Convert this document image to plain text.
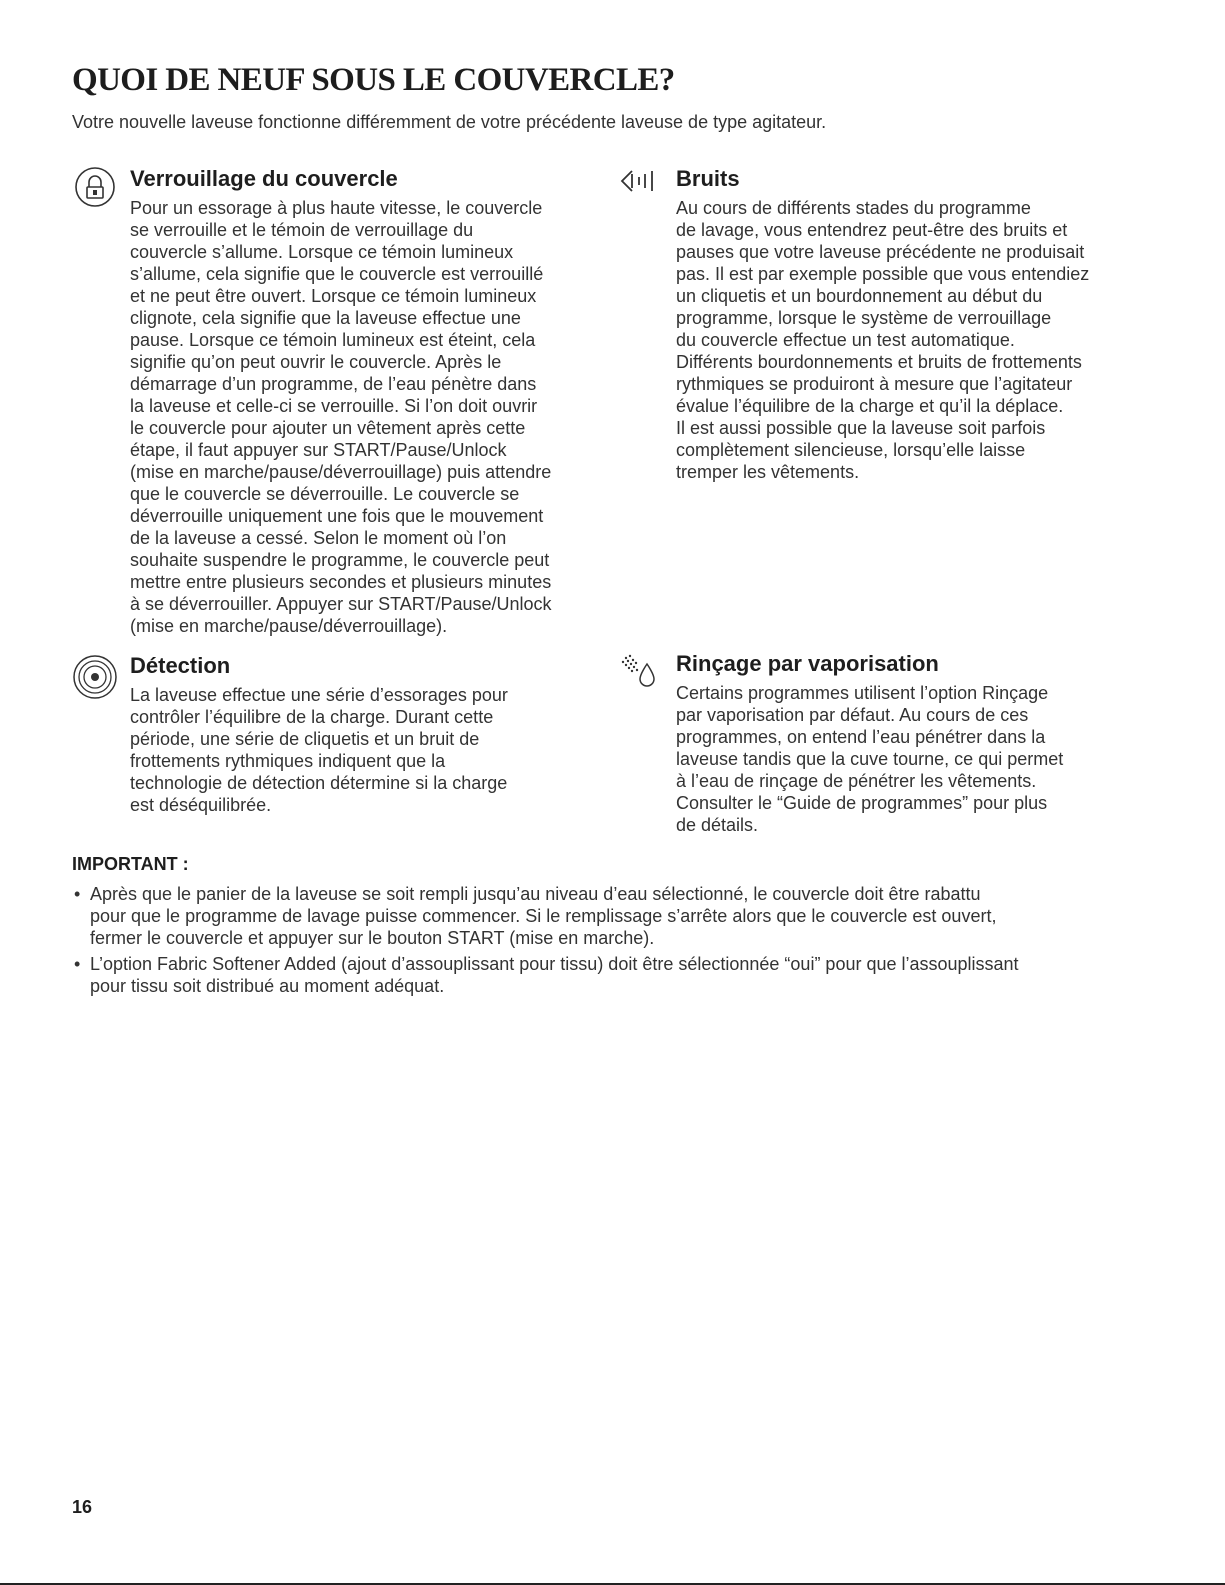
QUOI DE NEUF SOUS LE COUVERCLE?

Votre nouvelle laveuse fonctionne différemment de votre précédente laveuse de type agitateur.

Verrouillage du couvercle
Pour un essorage à plus haute vitesse, le couvercle
se verrouille et le témoin de verrouillage du
couvercle s’allume. Lorsque ce témoin lumineux
s’allume, cela signifie que le couvercle est verrouillé
et ne peut être ouvert. Lorsque ce témoin lumineux
clignote, cela signifie que la laveuse effectue une
pause. Lorsque ce témoin lumineux est éteint, cela
signifie qu’on peut ouvrir le couvercle. Après le
démarrage d’un programme, de l’eau pénètre dans
la laveuse et celle-ci se verrouille. Si l’on doit ouvrir
le couvercle pour ajouter un vêtement après cette
étape, il faut appuyer sur START/Pause/Unlock
(mise en marche/pause/déverrouillage) puis attendre
que le couvercle se déverrouille. Le couvercle se
déverrouille uniquement une fois que le mouvement
de la laveuse a cessé. Selon le moment où l’on
souhaite suspendre le programme, le couvercle peut
mettre entre plusieurs secondes et plusieurs minutes
à se déverrouiller. Appuyer sur START/Pause/Unlock
(mise en marche/pause/déverrouillage).
Bruits
Au cours de différents stades du programme
de lavage, vous entendrez peut-être des bruits et
pauses que votre laveuse précédente ne produisait
pas. Il est par exemple possible que vous entendiez
un cliquetis et un bourdonnement au début du
programme, lorsque le système de verrouillage
du couvercle effectue un test automatique.
Différents bourdonnements et bruits de frottements
rythmiques se produiront à mesure que l’agitateur
évalue l’équilibre de la charge et qu’il la déplace.
Il est aussi possible que la laveuse soit parfois
complètement silencieuse, lorsqu’elle laisse
tremper les vêtements.
Détection
La laveuse effectue une série d’essorages pour
contrôler l’équilibre de la charge. Durant cette
période, une série de cliquetis et un bruit de
frottements rythmiques indiquent que la
technologie de détection détermine si la charge
est déséquilibrée.
Rinçage par vaporisation
Certains programmes utilisent l’option Rinçage
par vaporisation par défaut. Au cours de ces
programmes, on entend l’eau pénétrer dans la
laveuse tandis que la cuve tourne, ce qui permet
à l’eau de rinçage de pénétrer les vêtements.
Consulter le “Guide de programmes” pour plus
de détails.
IMPORTANT :
• Après que le panier de la laveuse se soit rempli jusqu’au niveau d’eau sélectionné, le couvercle doit être rabattu
pour que le programme de lavage puisse commencer. Si le remplissage s’arrête alors que le couvercle est ouvert,
fermer le couvercle et appuyer sur le bouton START (mise en marche).
• L’option Fabric Softener Added (ajout d’assouplissant pour tissu) doit être sélectionnée “oui” pour que l’assouplissant
pour tissu soit distribué au moment adéquat.
16
